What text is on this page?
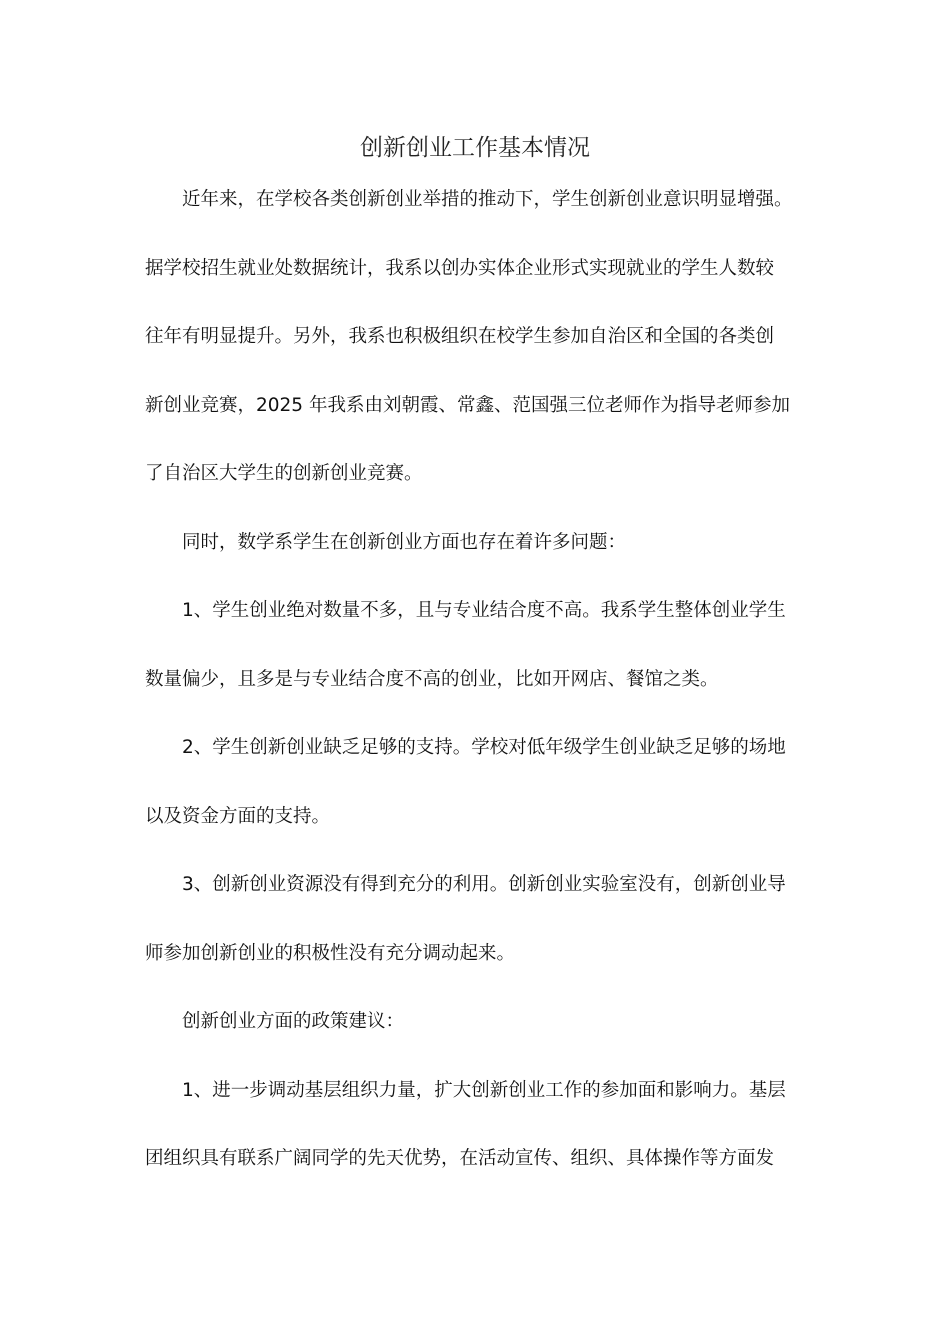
创新创业工作基本情况
近年来，在学校各类创新创业举措的推动下，学生创新创业意识明显增强。
据学校招生就业处数据统计，我系以创办实体企业形式实现就业的学生人数较
往年有明显提升。另外，我系也积极组织在校学生参加自治区和全国的各类创
新创业竞赛，2025 年我系由刘朝霞、常鑫、范国强三位老师作为指导老师参加
了自治区大学生的创新创业竞赛。
同时，数学系学生在创新创业方面也存在着许多问题：
1、学生创业绝对数量不多，且与专业结合度不高。我系学生整体创业学生
数量偏少，且多是与专业结合度不高的创业，比如开网店、餐馆之类。
2、学生创新创业缺乏足够的支持。学校对低年级学生创业缺乏足够的场地
以及资金方面的支持。
3、创新创业资源没有得到充分的利用。创新创业实验室没有，创新创业导
师参加创新创业的积极性没有充分调动起来。
创新创业方面的政策建议：
1、进一步调动基层组织力量，扩大创新创业工作的参加面和影响力。基层
团组织具有联系广阔同学的先天优势，在活动宣传、组织、具体操作等方面发
